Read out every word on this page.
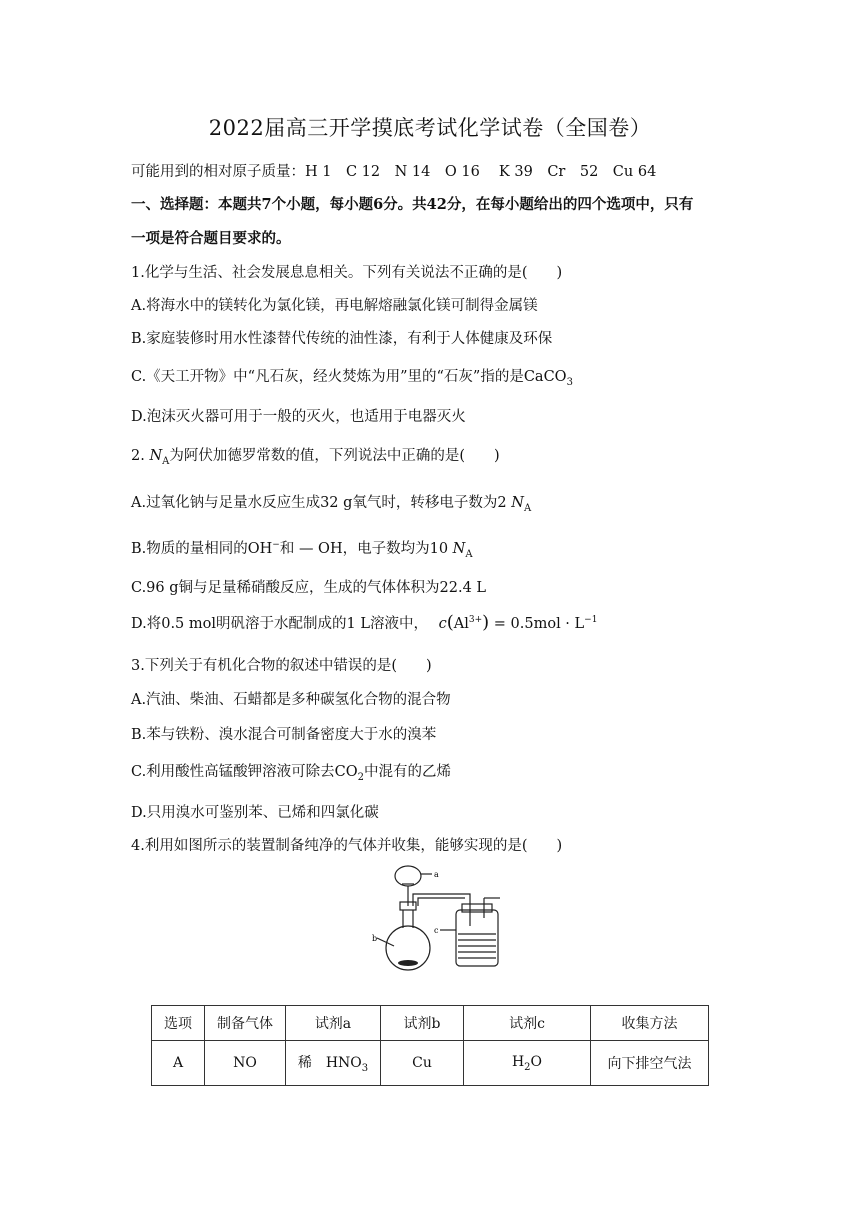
2022届高三开学摸底考试化学试卷（全国卷）
可能用到的相对原子质量：H 1　C 12　N 14　O 16　 K 39　Cr　52　Cu 64
一、选择题：本题共7个小题，每小题6分。共42分，在每小题给出的四个选项中，只有
一项是符合题目要求的。
1.化学与生活、社会发展息息相关。下列有关说法不正确的是(　　)
A.将海水中的镁转化为氯化镁，再电解熔融氯化镁可制得金属镁
B.家庭装修时用水性漆替代传统的油性漆，有利于人体健康及环保
C.《天工开物》中“凡石灰，经火焚炼为用”里的“石灰”指的是CaCO$_3$
D.泡沫灭火器可用于一般的灭火，也适用于电器灭火
2. $N_A$为阿伏加德罗常数的值，下列说法中正确的是(　　)
A.过氧化钠与足量水反应生成32 g氧气时，转移电子数为2 $N_A$
B.物质的量相同的OH−和 — OH，电子数均为10 $N_A$
C.96 g铜与足量稀硝酸反应，生成的气体体积为22.4 L
D.将0.5 mol明矾溶于水配制成的1 L溶液中， $c(Al^{3+}) = 0.5mol \cdot L^{-1}$
3.下列关于有机化合物的叙述中错误的是(　　)
A.汽油、柴油、石蜡都是多种碳氢化合物的混合物
B.苯与铁粉、溴水混合可制备密度大于水的溴苯
C.利用酸性高锰酸钾溶液可除去$CO_2$中混有的乙烯
D.只用溴水可鉴别苯、已烯和四氯化碳
4.利用如图所示的装置制备纯净的气体并收集，能够实现的是(　　)
a
b
c
选项	制备气体	试剂a	试剂b	试剂c	收集方法
A	NO	稀　$HNO_3$	Cu	$H_2O$	向下排空气法
